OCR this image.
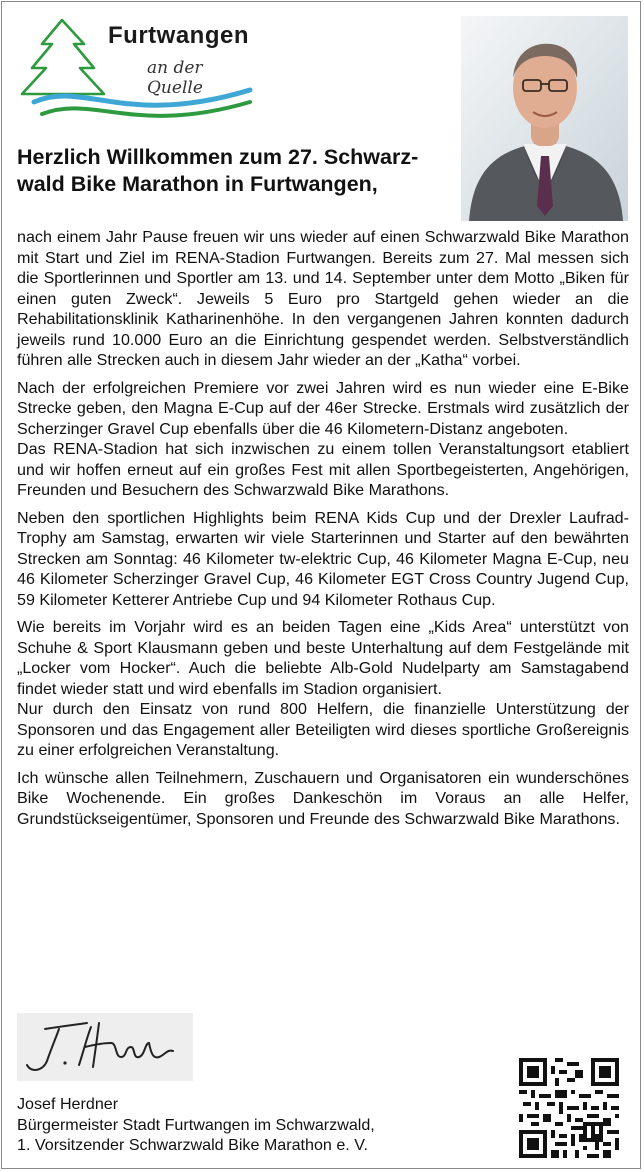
Furtwangen
an der Quelle
Herzlich Willkommen zum 27. Schwarz-
wald Bike Marathon in Furtwangen,

nach einem Jahr Pause freuen wir uns wieder auf einen Schwarzwald Bike Marathon mit Start und Ziel im RENA-Stadion Furtwangen. Bereits zum 27. Mal messen sich die Sportlerinnen und Sportler am 13. und 14. September unter dem Motto „Biken für einen guten Zweck“. Jeweils 5 Euro pro Startgeld gehen wieder an die Rehabilitationsklinik Katharinenhöhe. In den vergangenen Jahren konnten dadurch jeweils rund 10.000 Euro an die Einrichtung gespendet werden. Selbstverständlich führen alle Strecken auch in diesem Jahr wieder an der „Katha“ vorbei.

Nach der erfolgreichen Premiere vor zwei Jahren wird es nun wieder eine E-Bike Strecke geben, den Magna E-Cup auf der 46er Strecke. Erstmals wird zusätzlich der Scherzinger Gravel Cup ebenfalls über die 46 Kilometern-Distanz angeboten.

Das RENA-Stadion hat sich inzwischen zu einem tollen Veranstaltungsort etabliert und wir hoffen erneut auf ein großes Fest mit allen Sportbegeisterten, Angehörigen, Freunden und Besuchern des Schwarzwald Bike Marathons.

Neben den sportlichen Highlights beim RENA Kids Cup und der Drexler Laufrad-Trophy am Samstag, erwarten wir viele Starterinnen und Starter auf den bewährten Strecken am Sonntag: 46 Kilometer tw-elektric Cup, 46 Kilometer Magna E-Cup, neu 46 Kilometer Scherzinger Gravel Cup, 46 Kilometer EGT Cross Country Jugend Cup, 59 Kilometer Ketterer Antriebe Cup und 94 Kilometer Rothaus Cup.

Wie bereits im Vorjahr wird es an beiden Tagen eine „Kids Area“ unterstützt von Schuhe & Sport Klausmann geben und beste Unterhaltung auf dem Festgelände mit „Locker vom Hocker“. Auch die beliebte Alb-Gold Nudelparty am Samstagabend findet wieder statt und wird ebenfalls im Stadion organisiert.

Nur durch den Einsatz von rund 800 Helfern, die finanzielle Unterstützung der Sponsoren und das Engagement aller Beteiligten wird dieses sportliche Großereignis zu einer erfolgreichen Veranstaltung.

Ich wünsche allen Teilnehmern, Zuschauern und Organisatoren ein wunderschönes Bike Wochenende. Ein großes Dankeschön im Voraus an alle Helfer, Grundstückseigentümer, Sponsoren und Freunde des Schwarzwald Bike Marathons.

Josef Herdner
Bürgermeister Stadt Furtwangen im Schwarzwald,
1. Vorsitzender Schwarzwald Bike Marathon e. V.
